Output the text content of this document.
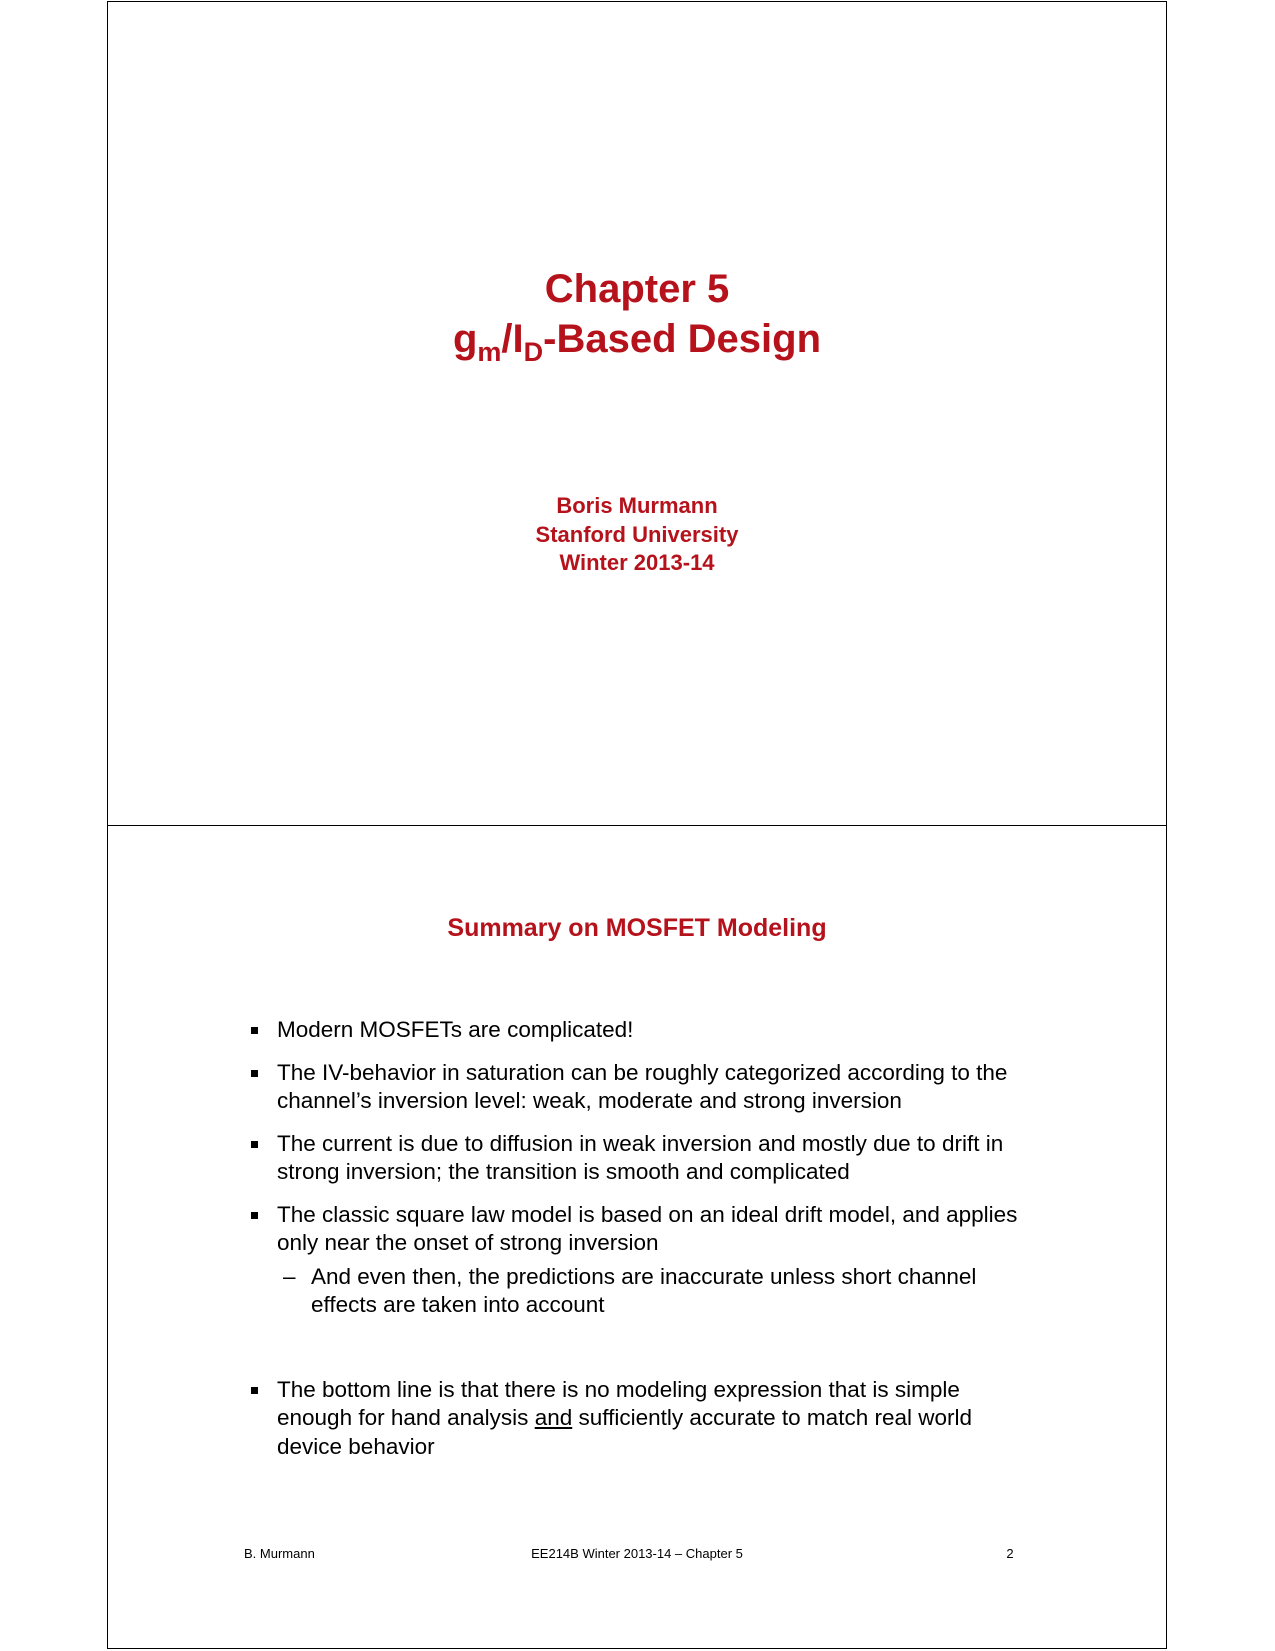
Chapter 5
$g_m/I_D$-Based Design
Boris Murmann
Stanford University
Winter 2013-14
Summary on MOSFET Modeling
Modern MOSFETs are complicated!
The IV-behavior in saturation can be roughly categorized according to the channel’s inversion level: weak, moderate and strong inversion
The current is due to diffusion in weak inversion and mostly due to drift in strong inversion; the transition is smooth and complicated
The classic square law model is based on an ideal drift model, and applies only near the onset of strong inversion
– And even then, the predictions are inaccurate unless short channel effects are taken into account
The bottom line is that there is no modeling expression that is simple enough for hand analysis and sufficiently accurate to match real world device behavior
B. Murmann	EE214B Winter 2013-14 – Chapter 5	2
